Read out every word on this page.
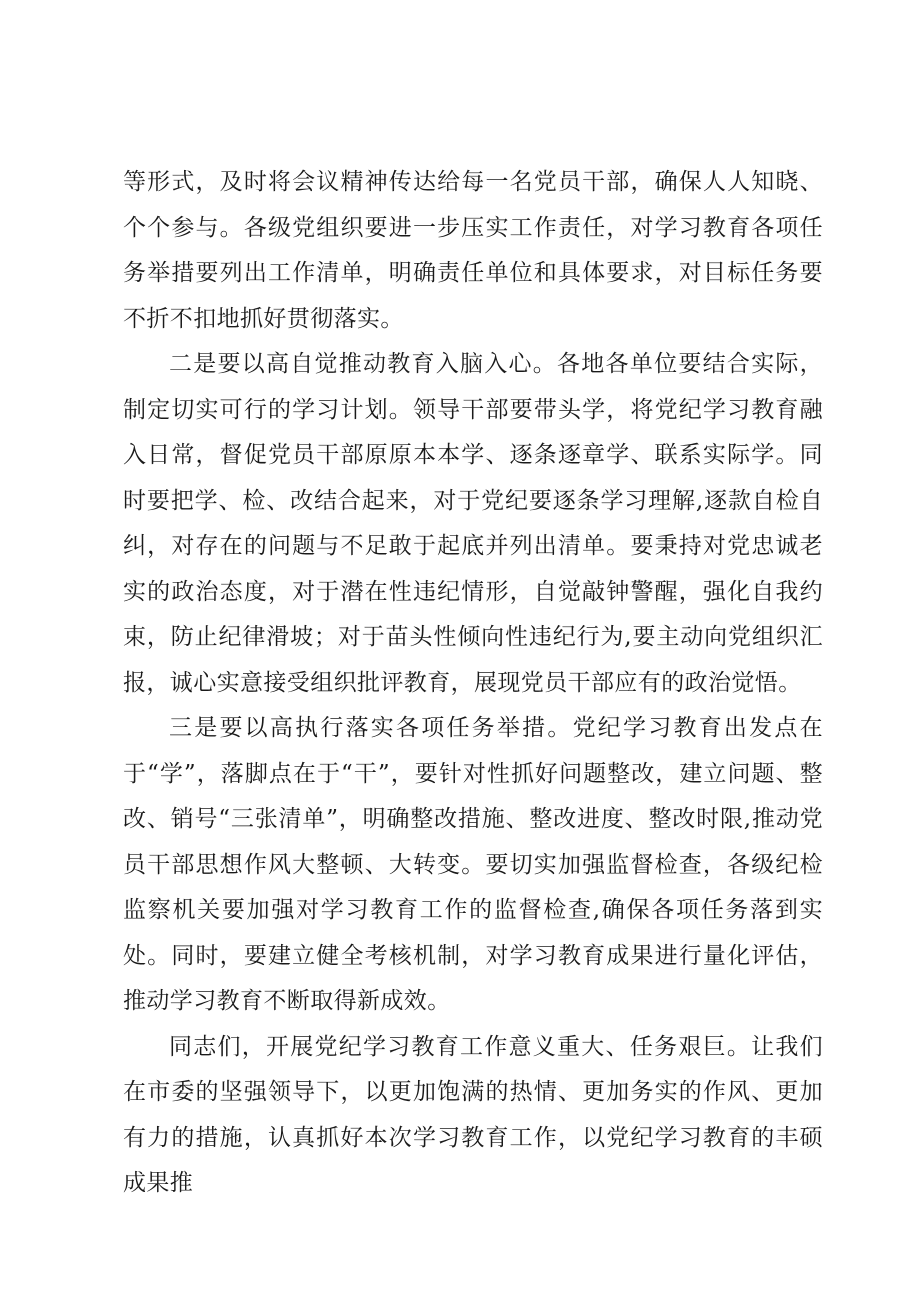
等形式，及时将会议精神传达给每一名党员干部，确保人人知晓、个个参与。各级党组织要进一步压实工作责任，对学习教育各项任务举措要列出工作清单，明确责任单位和具体要求，对目标任务要不折不扣地抓好贯彻落实。

二是要以高自觉推动教育入脑入心。各地各单位要结合实际，制定切实可行的学习计划。领导干部要带头学，将党纪学习教育融入日常，督促党员干部原原本本学、逐条逐章学、联系实际学。同时要把学、检、改结合起来，对于党纪要逐条学习理解,逐款自检自纠，对存在的问题与不足敢于起底并列出清单。要秉持对党忠诚老实的政治态度，对于潜在性违纪情形，自觉敲钟警醒，强化自我约束，防止纪律滑坡；对于苗头性倾向性违纪行为,要主动向党组织汇报，诚心实意接受组织批评教育，展现党员干部应有的政治觉悟。

三是要以高执行落实各项任务举措。党纪学习教育出发点在于“学”，落脚点在于“干”，要针对性抓好问题整改，建立问题、整改、销号“三张清单”，明确整改措施、整改进度、整改时限,推动党员干部思想作风大整顿、大转变。要切实加强监督检查，各级纪检监察机关要加强对学习教育工作的监督检查,确保各项任务落到实处。同时，要建立健全考核机制，对学习教育成果进行量化评估，推动学习教育不断取得新成效。

同志们，开展党纪学习教育工作意义重大、任务艰巨。让我们在市委的坚强领导下，以更加饱满的热情、更加务实的作风、更加有力的措施，认真抓好本次学习教育工作，以党纪学习教育的丰硕成果推
